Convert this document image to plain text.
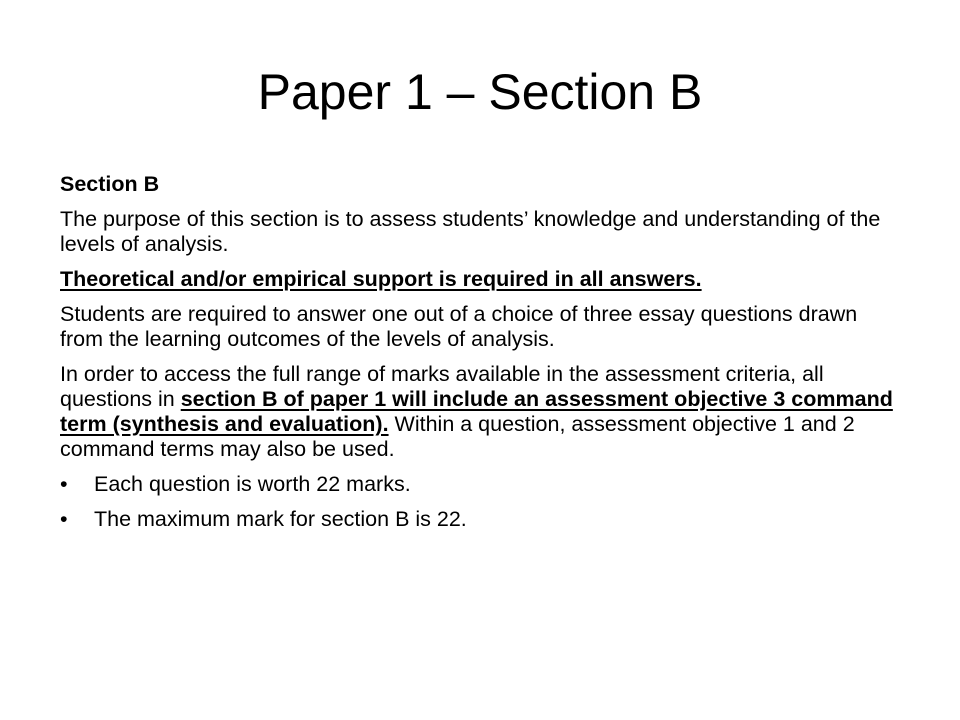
Paper 1 – Section B

Section B

The purpose of this section is to assess students’ knowledge and understanding of the levels of analysis.

Theoretical and/or empirical support is required in all answers.

Students are required to answer one out of a choice of three essay questions drawn from the learning outcomes of the levels of analysis.

In order to access the full range of marks available in the assessment criteria, all questions in section B of paper 1 will include an assessment objective 3 command term (synthesis and evaluation). Within a question, assessment objective 1 and 2 command terms may also be used.

• Each question is worth 22 marks.
• The maximum mark for section B is 22.
